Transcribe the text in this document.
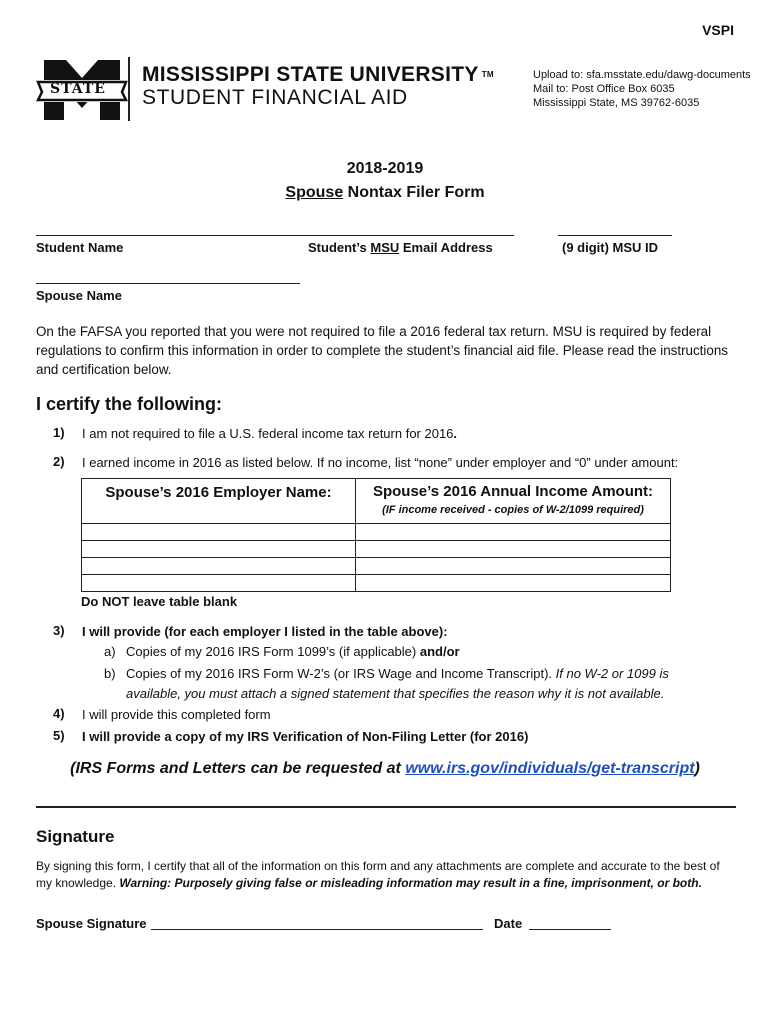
VSPI
STATE
MISSISSIPPI STATE UNIVERSITY TM
STUDENT FINANCIAL AID
Upload to: sfa.msstate.edu/dawg-documents
Mail to: Post Office Box 6035
Mississippi State, MS 39762-6035
2018-2019
Spouse Nontax Filer Form
Student Name	Student’s MSU Email Address	(9 digit) MSU ID
Spouse Name
On the FAFSA you reported that you were not required to file a 2016 federal tax return. MSU is required by federal regulations to confirm this information in order to complete the student’s financial aid file. Please read the instructions and certification below.
I certify the following:
1) I am not required to file a U.S. federal income tax return for 2016.
2) I earned income in 2016 as listed below. If no income, list “none” under employer and “0” under amount:
Spouse’s 2016 Employer Name:	Spouse’s 2016 Annual Income Amount:
(IF income received - copies of W-2/1099 required)

Do NOT leave table blank
3) I will provide (for each employer I listed in the table above):
a) Copies of my 2016 IRS Form 1099’s (if applicable) and/or
b) Copies of my 2016 IRS Form W-2’s (or IRS Wage and Income Transcript). If no W-2 or 1099 is
available, you must attach a signed statement that specifies the reason why it is not available.
4) I will provide this completed form
5) I will provide a copy of my IRS Verification of Non-Filing Letter (for 2016)
(IRS Forms and Letters can be requested at www.irs.gov/individuals/get-transcript)
Signature
By signing this form, I certify that all of the information on this form and any attachments are complete and accurate to the best of my knowledge. Warning: Purposely giving false or misleading information may result in a fine, imprisonment, or both.
Spouse Signature	Date
